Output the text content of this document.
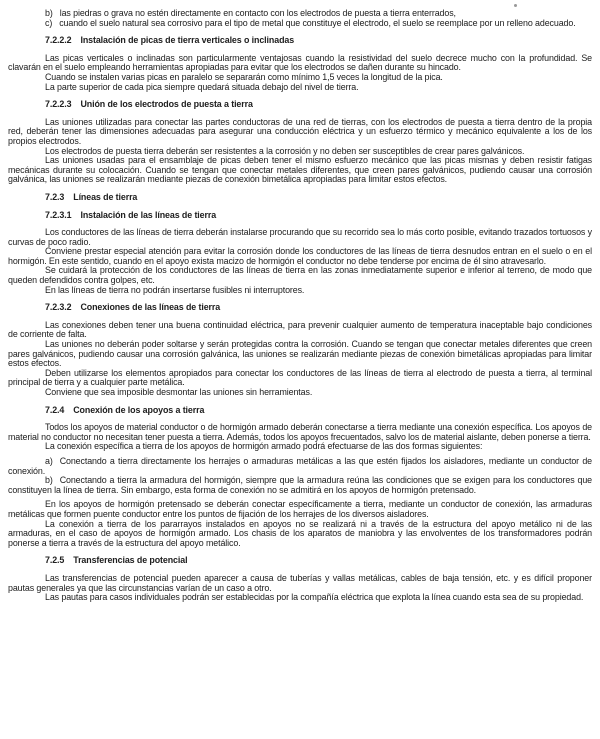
b) las piedras o grava no estén directamente en contacto con los electrodos de puesta a tierra enterrados,

c) cuando el suelo natural sea corrosivo para el tipo de metal que constituye el electrodo, el suelo se reemplace por un relleno adecuado.

7.2.2.2 Instalación de picas de tierra verticales o inclinadas

Las picas verticales o inclinadas son particularmente ventajosas cuando la resistividad del suelo decrece mucho con la profundidad. Se clavarán en el suelo empleando herramientas apropiadas para evitar que los electrodos se dañen durante su hincado.

Cuando se instalen varias picas en paralelo se separarán como mínimo 1,5 veces la longitud de la pica.

La parte superior de cada pica siempre quedará situada debajo del nivel de tierra.

7.2.2.3 Unión de los electrodos de puesta a tierra

Las uniones utilizadas para conectar las partes conductoras de una red de tierras, con los electrodos de puesta a tierra dentro de la propia red, deberán tener las dimensiones adecuadas para asegurar una conducción eléctrica y un esfuerzo térmico y mecánico equivalente a los de los propios electrodos.

Los electrodos de puesta tierra deberán ser resistentes a la corrosión y no deben ser susceptibles de crear pares galvánicos.

Las uniones usadas para el ensamblaje de picas deben tener el mismo esfuerzo mecánico que las picas mismas y deben resistir fatigas mecánicas durante su colocación. Cuando se tengan que conectar metales diferentes, que creen pares galvánicos, pudiendo causar una corrosión galvánica, las uniones se realizarán mediante piezas de conexión bimetálica apropiadas para limitar estos efectos.

7.2.3 Líneas de tierra

7.2.3.1 Instalación de las líneas de tierra

Los conductores de las líneas de tierra deberán instalarse procurando que su recorrido sea lo más corto posible, evitando trazados tortuosos y curvas de poco radio.

Conviene prestar especial atención para evitar la corrosión donde los conductores de las líneas de tierra desnudos entran en el suelo o en el hormigón. En este sentido, cuando en el apoyo exista macizo de hormigón el conductor no debe tenderse por encima de él sino atravesarlo.

Se cuidará la protección de los conductores de las líneas de tierra en las zonas inmediatamente superior e inferior al terreno, de modo que queden defendidos contra golpes, etc.

En las líneas de tierra no podrán insertarse fusibles ni interruptores.

7.2.3.2 Conexiones de las líneas de tierra

Las conexiones deben tener una buena continuidad eléctrica, para prevenir cualquier aumento de temperatura inaceptable bajo condiciones de corriente de falta.

Las uniones no deberán poder soltarse y serán protegidas contra la corrosión. Cuando se tengan que conectar metales diferentes que creen pares galvánicos, pudiendo causar una corrosión galvánica, las uniones se realizarán mediante piezas de conexión bimetálicas apropiadas para limitar estos efectos.

Deben utilizarse los elementos apropiados para conectar los conductores de las líneas de tierra al electrodo de puesta a tierra, al terminal principal de tierra y a cualquier parte metálica.

Conviene que sea imposible desmontar las uniones sin herramientas.

7.2.4 Conexión de los apoyos a tierra

Todos los apoyos de material conductor o de hormigón armado deberán conectarse a tierra mediante una conexión específica. Los apoyos de material no conductor no necesitan tener puesta a tierra. Además, todos los apoyos frecuentados, salvo los de material aislante, deben ponerse a tierra.

La conexión específica a tierra de los apoyos de hormigón armado podrá efectuarse de las dos formas siguientes:

a) Conectando a tierra directamente los herrajes o armaduras metálicas a las que estén fijados los aisladores, mediante un conductor de conexión.

b) Conectando a tierra la armadura del hormigón, siempre que la armadura reúna las condiciones que se exigen para los conductores que constituyen la línea de tierra. Sin embargo, esta forma de conexión no se admitirá en los apoyos de hormigón pretensado.

En los apoyos de hormigón pretensado se deberán conectar específicamente a tierra, mediante un conductor de conexión, las armaduras metálicas que formen puente conductor entre los puntos de fijación de los herrajes de los diversos aisladores.

La conexión a tierra de los pararrayos instalados en apoyos no se realizará ni a través de la estructura del apoyo metálico ni de las armaduras, en el caso de apoyos de hormigón armado. Los chasis de los aparatos de maniobra y las envolventes de los transformadores podrán ponerse a tierra a través de la estructura del apoyo metálico.

7.2.5 Transferencias de potencial

Las transferencias de potencial pueden aparecer a causa de tuberías y vallas metálicas, cables de baja tensión, etc. y es difícil proponer pautas generales ya que las circunstancias varían de un caso a otro.

Las pautas para casos individuales podrán ser establecidas por la compañía eléctrica que explota la línea cuando esta sea de su propiedad.
